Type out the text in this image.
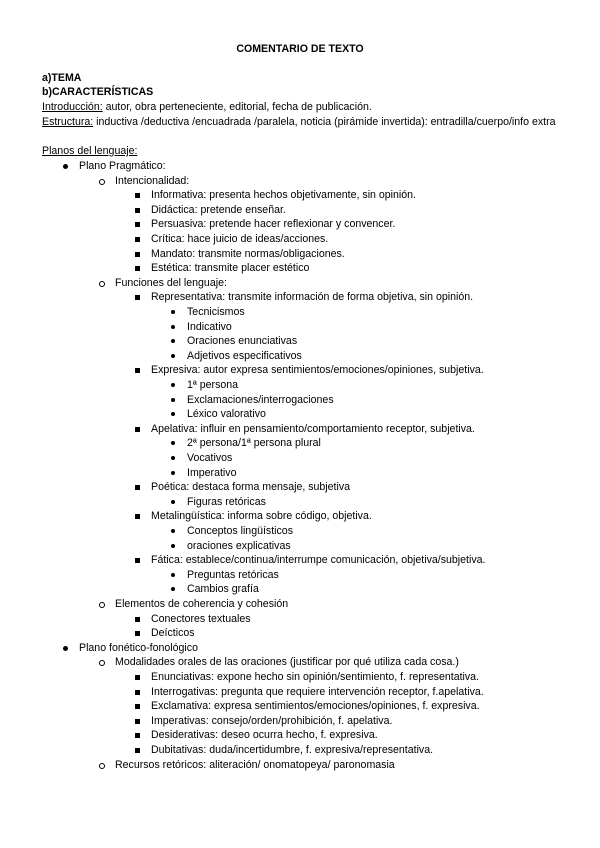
COMENTARIO DE TEXTO
a)TEMA
b)CARACTERÍSTICAS
Introducción: autor, obra perteneciente, editorial, fecha de publicación.
Estructura: inductiva /deductiva /encuadrada /paralela, noticia (pirámide invertida): entradilla/cuerpo/info extra
Planos del lenguaje:
Plano Pragmático:
Intencionalidad:
Informativa: presenta hechos objetivamente, sin opinión.
Didáctica: pretende enseñar.
Persuasiva: pretende hacer reflexionar y convencer.
Crítica: hace juicio de ideas/acciones.
Mandato: transmite normas/obligaciones.
Estética: transmite placer estético
Funciones del lenguaje:
Representativa: transmite información de forma objetiva, sin opinión.
Tecnicismos
Indicativo
Oraciones enunciativas
Adjetivos especificativos
Expresiva: autor expresa sentimientos/emociones/opiniones, subjetiva.
1ª persona
Exclamaciones/interrogaciones
Léxico valorativo
Apelativa: influir en pensamiento/comportamiento receptor, subjetiva.
2ª persona/1ª persona plural
Vocativos
Imperativo
Poética: destaca forma mensaje, subjetiva
Figuras retóricas
Metalingüística: informa sobre código, objetiva.
Conceptos lingüísticos
oraciones explicativas
Fática: establece/continua/interrumpe comunicación, objetiva/subjetiva.
Preguntas retóricas
Cambios grafía
Elementos de coherencia y cohesión
Conectores textuales
Deícticos
Plano fonético-fonológico
Modalidades orales de las oraciones (justificar por qué utiliza cada cosa.)
Enunciativas: expone hecho sin opinión/sentimiento, f. representativa.
Interrogativas: pregunta que requiere intervención receptor, f.apelativa.
Exclamativa: expresa sentimientos/emociones/opiniones, f. expresiva.
Imperativas: consejo/orden/prohibición, f. apelativa.
Desiderativas: deseo ocurra hecho, f. expresiva.
Dubitativas: duda/incertidumbre, f. expresiva/representativa.
Recursos retóricos: aliteración/ onomatopeya/ paronomasia
